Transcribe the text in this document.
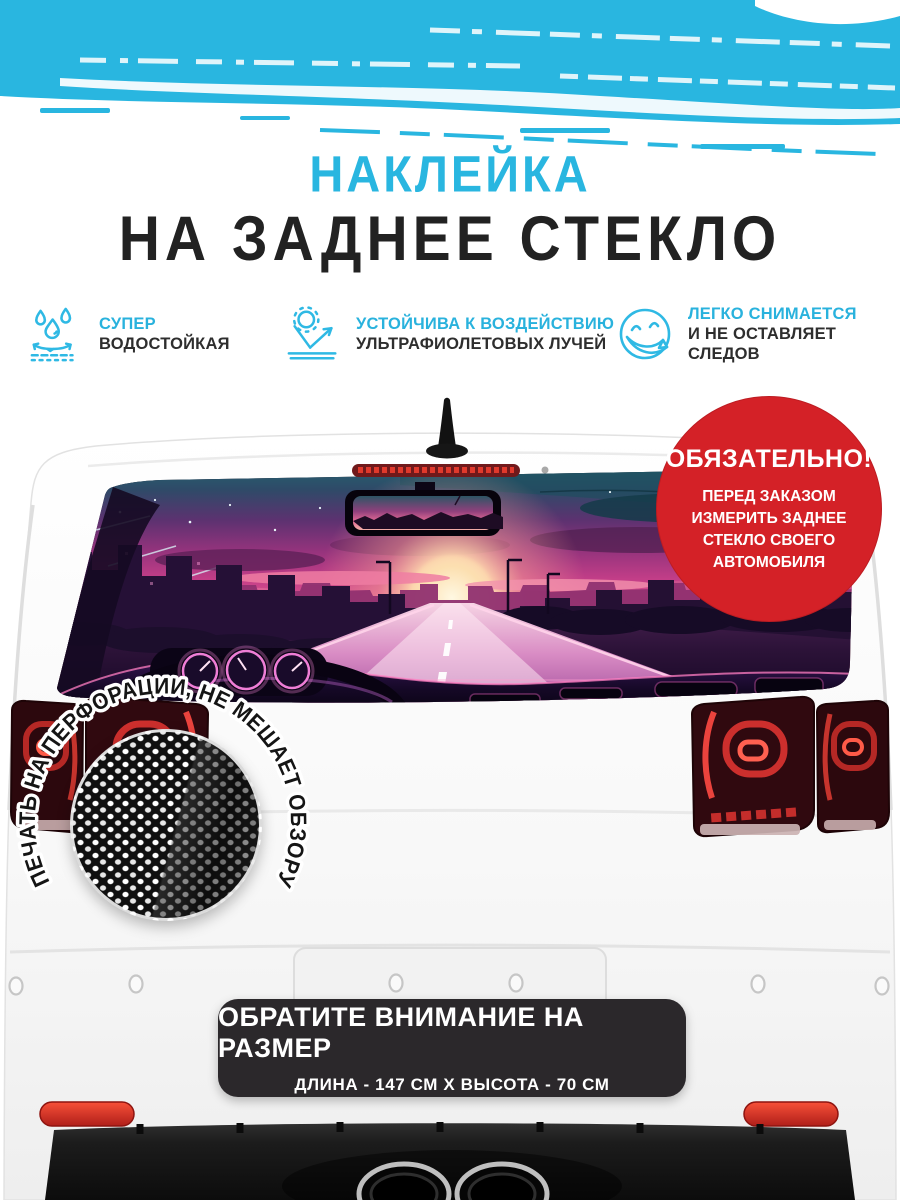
НАКЛЕЙКА
НА ЗАДНЕЕ СТЕКЛО
СУПЕР
ВОДОСТОЙКАЯ
УСТОЙЧИВА К ВОЗДЕЙСТВИЮ
УЛЬТРАФИОЛЕТОВЫХ ЛУЧЕЙ
ЛЕГКО СНИМАЕТСЯ
И НЕ ОСТАВЛЯЕТ СЛЕДОВ
ОБЯЗАТЕЛЬНО!
ПЕРЕД ЗАКАЗОМ
ИЗМЕРИТЬ ЗАДНЕЕ
СТЕКЛО СВОЕГО
АВТОМОБИЛЯ
ПЕЧАТЬ НА ПЕРФОРАЦИИ, НЕ МЕШАЕТ ОБЗОРУ
ОБРАТИТЕ ВНИМАНИЕ НА РАЗМЕР
ДЛИНА - 147 СМ Х ВЫСОТА - 70 СМ
